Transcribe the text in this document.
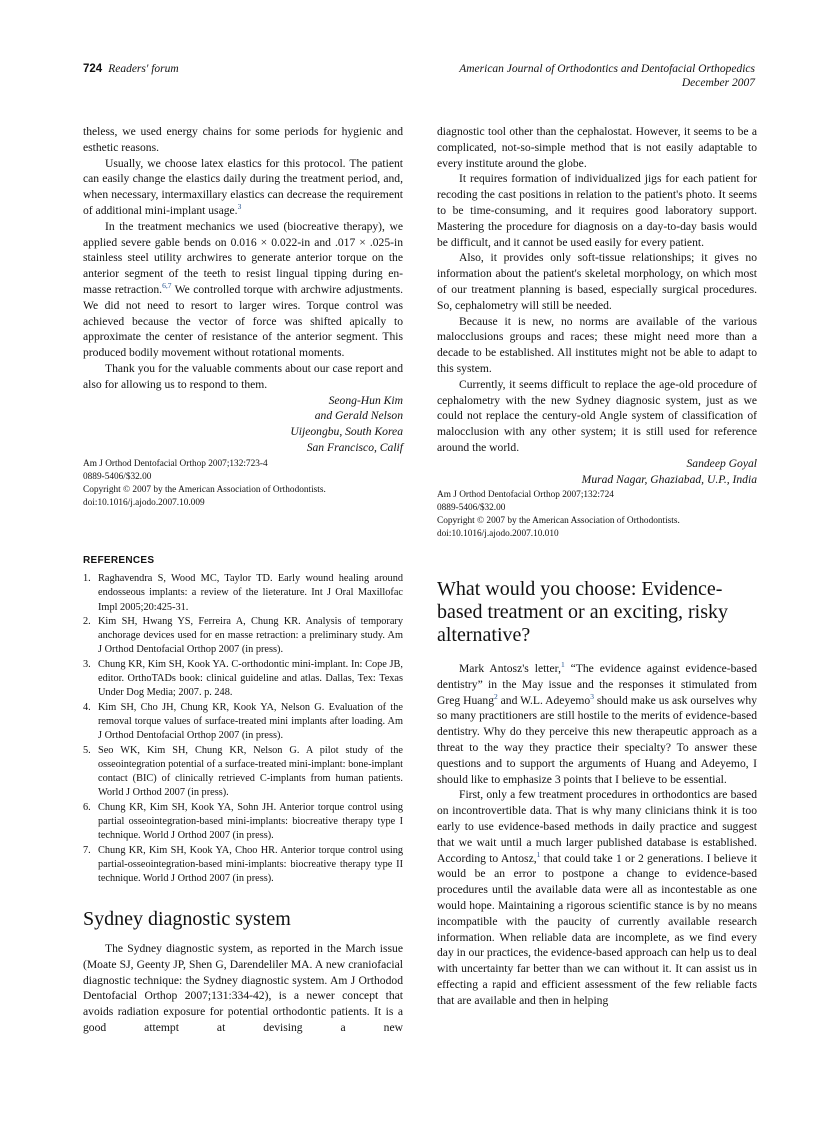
724 Readers' forum	American Journal of Orthodontics and Dentofacial Orthopedics
December 2007

theless, we used energy chains for some periods for hygienic and esthetic reasons.

Usually, we choose latex elastics for this protocol. The patient can easily change the elastics daily during the treatment period, and, when necessary, intermaxillary elastics can decrease the requirement of additional mini-implant usage.$^3$

In the treatment mechanics we used (biocreative therapy), we applied severe gable bends on 0.016 × 0.022-in and .017 × .025-in stainless steel utility archwires to generate anterior torque on the anterior segment of the teeth to resist lingual tipping during en-masse retraction.$^{6,7}$ We controlled torque with archwire adjustments. We did not need to resort to larger wires. Torque control was achieved because the vector of force was shifted apically to approximate the center of resistance of the anterior segment. This produced bodily movement without rotational moments.

Thank you for the valuable comments about our case report and also for allowing us to respond to them.

Seong-Hun Kim
and Gerald Nelson
Uijeongbu, South Korea
San Francisco, Calif
Am J Orthod Dentofacial Orthop 2007;132:723-4
0889-5406/$32.00
Copyright © 2007 by the American Association of Orthodontists.
doi:10.1016/j.ajodo.2007.10.009
REFERENCES
1. Raghavendra S, Wood MC, Taylor TD. Early wound healing around endosseous implants: a review of the lieterature. Int J Oral Maxillofac Impl 2005;20:425-31.
2. Kim SH, Hwang YS, Ferreira A, Chung KR. Analysis of temporary anchorage devices used for en masse retraction: a preliminary study. Am J Orthod Dentofacial Orthop 2007 (in press).
3. Chung KR, Kim SH, Kook YA. C-orthodontic mini-implant. In: Cope JB, editor. OrthoTADs book: clinical guideline and atlas. Dallas, Tex: Texas Under Dog Media; 2007. p. 248.
4. Kim SH, Cho JH, Chung KR, Kook YA, Nelson G. Evaluation of the removal torque values of surface-treated mini implants after loading. Am J Orthod Dentofacial Orthop 2007 (in press).
5. Seo WK, Kim SH, Chung KR, Nelson G. A pilot study of the osseointegration potential of a surface-treated mini-implant: bone-implant contact (BIC) of clinically retrieved C-implants from human patients. World J Orthod 2007 (in press).
6. Chung KR, Kim SH, Kook YA, Sohn JH. Anterior torque control using partial osseointegration-based mini-implants: biocreative therapy type I technique. World J Orthod 2007 (in press).
7. Chung KR, Kim SH, Kook YA, Choo HR. Anterior torque control using partial-osseointegration-based mini-implants: biocreative therapy type II technique. World J Orthod 2007 (in press).
Sydney diagnostic system

The Sydney diagnostic system, as reported in the March issue (Moate SJ, Geenty JP, Shen G, Darendeliler MA. A new craniofacial diagnostic technique: the Sydney diagnostic system. Am J Orthodod Dentofacial Orthop 2007;131:334-42), is a newer concept that avoids radiation exposure for potential orthodontic patients. It is a good attempt at devising a new

diagnostic tool other than the cephalostat. However, it seems to be a complicated, not-so-simple method that is not easily adaptable to every institute around the globe.

It requires formation of individualized jigs for each patient for recoding the cast positions in relation to the patient's photo. It seems to be time-consuming, and it requires good laboratory support. Mastering the procedure for diagnosis on a day-to-day basis would be difficult, and it cannot be used easily for every patient.

Also, it provides only soft-tissue relationships; it gives no information about the patient's skeletal morphology, on which most of our treatment planning is based, especially surgical procedures. So, cephalometry will still be needed.

Because it is new, no norms are available of the various malocclusions groups and races; these might need more than a decade to be established. All institutes might not be able to adapt to this system.

Currently, it seems difficult to replace the age-old procedure of cephalometry with the new Sydney diagnosic system, just as we could not replace the century-old Angle system of classification of malocclusion with any other system; it is still used for reference around the world.

Sandeep Goyal
Murad Nagar, Ghaziabad, U.P., India
Am J Orthod Dentofacial Orthop 2007;132:724
0889-5406/$32.00
Copyright © 2007 by the American Association of Orthodontists.
doi:10.1016/j.ajodo.2007.10.010
What would you choose: Evidence-based treatment or an exciting, risky alternative?

Mark Antosz's letter,$^1$ “The evidence against evidence-based dentistry” in the May issue and the responses it stimulated from Greg Huang$^2$ and W.L. Adeyemo$^3$ should make us ask ourselves why so many practitioners are still hostile to the merits of evidence-based dentistry. Why do they perceive this new therapeutic approach as a threat to the way they practice their specialty? To answer these questions and to support the arguments of Huang and Adeyemo, I should like to emphasize 3 points that I believe to be essential.

First, only a few treatment procedures in orthodontics are based on incontrovertible data. That is why many clinicians think it is too early to use evidence-based methods in daily practice and suggest that we wait until a much larger published database is established. According to Antosz,$^1$ that could take 1 or 2 generations. I believe it would be an error to postpone a change to evidence-based procedures until the available data were all as incontestable as one would hope. Maintaining a rigorous scientific stance is by no means incompatible with the paucity of currently available research information. When reliable data are incomplete, as we find every day in our practices, the evidence-based approach can help us to deal with uncertainty far better than we can without it. It can assist us in effecting a rapid and efficient assessment of the few reliable facts that are available and then in helping
